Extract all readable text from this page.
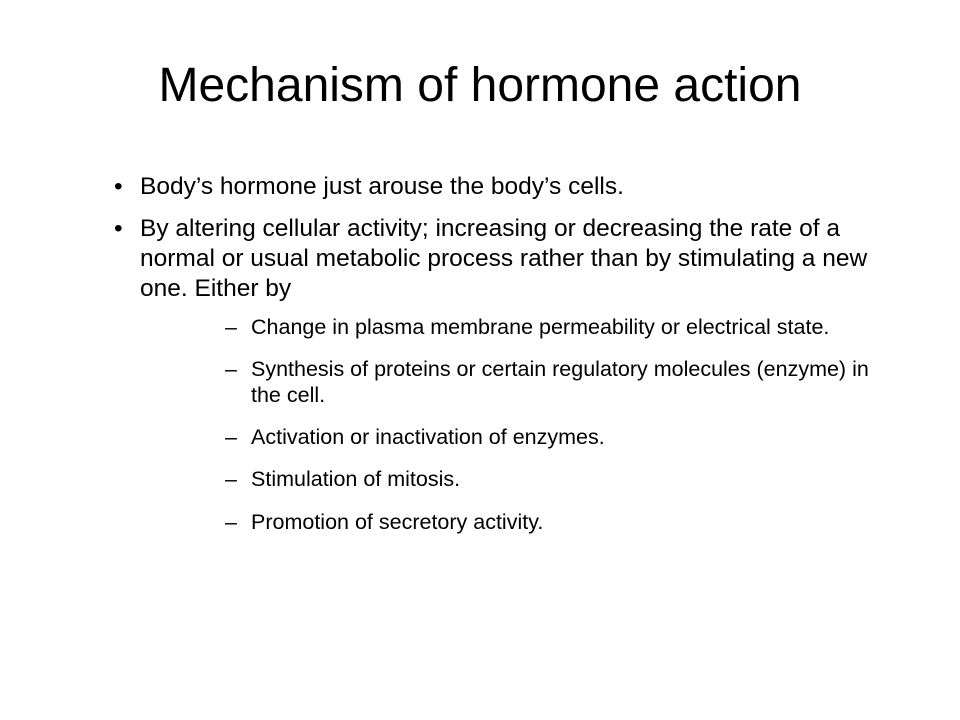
Mechanism of hormone action
• Body’s hormone just arouse the body’s cells.
• By altering cellular activity; increasing or decreasing the rate of a normal or usual metabolic process rather than by stimulating a new one. Either by
– Change in plasma membrane permeability or electrical state.
– Synthesis of proteins or certain regulatory molecules (enzyme) in the cell.
– Activation or inactivation of enzymes.
– Stimulation of mitosis.
– Promotion of secretory activity.
